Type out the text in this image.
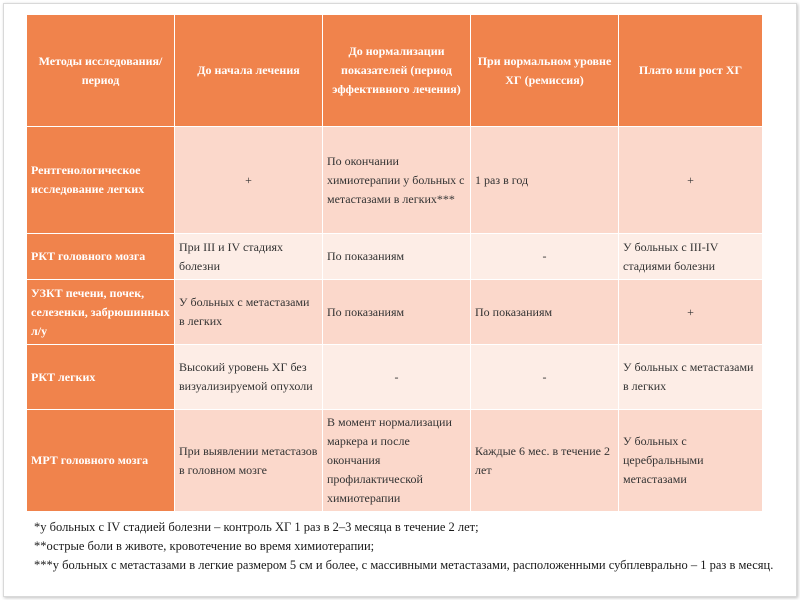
Методы исследования/период	До начала лечения	До нормализации показателей (период эффективного лечения)	При нормальном уровне ХГ (ремиссия)	Плато или рост ХГ
Рентгенологическое исследование легких	+	По окончании химиотерапии у больных с метастазами в легких***	1 раз в год	+
РКТ головного мозга	При III и IV стадиях болезни	По показаниям	-	У больных с III-IV стадиями болезни
УЗКТ печени, почек, селезенки, забрюшинных л/у	У больных с метастазами в легких	По показаниям	По показаниям	+
РКТ легких	Высокий уровень ХГ без визуализируемой опухоли	-	-	У больных с метастазами в легких
МРТ головного мозга	При выявлении метастазов в головном мозге	В момент нормализации маркера и после окончания профилактической химиотерапии	Каждые 6 мес. в течение 2 лет	У больных с церебральными метастазами
*у больных с IV стадией болезни – контроль ХГ 1 раз в 2–3 месяца в течение 2 лет;
**острые боли в животе, кровотечение во время химиотерапии;
***у больных с метастазами в легкие размером 5 см и более, с массивными метастазами, расположенными субплеврально – 1 раз в месяц.
